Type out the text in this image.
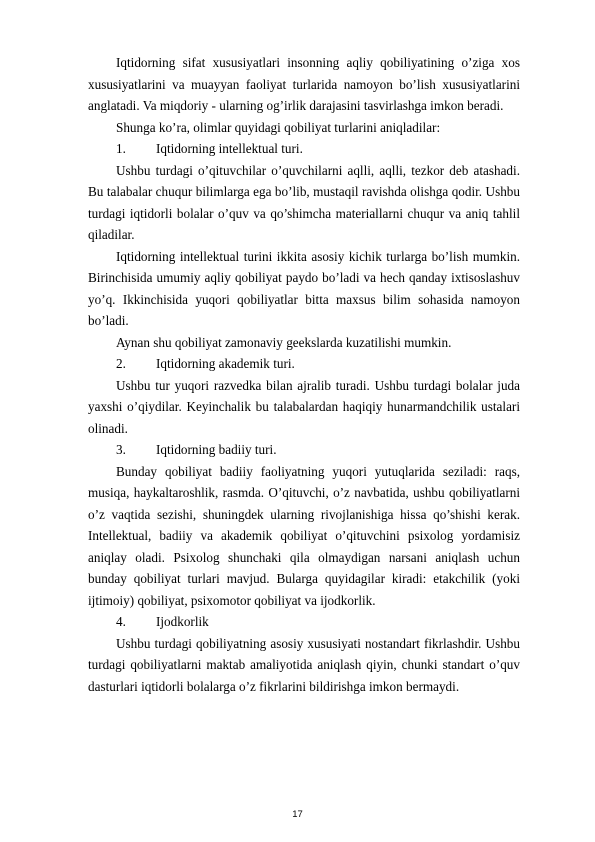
Iqtidorning sifat xususiyatlari insonning aqliy qobiliyatining o’ziga xos xususiyatlarini va muayyan faoliyat turlarida namoyon bo’lish xususiyatlarini anglatadi. Va miqdoriy - ularning og’irlik darajasini tasvirlashga imkon beradi.

Shunga ko’ra, olimlar quyidagi qobiliyat turlarini aniqladilar:

1.	Iqtidorning intellektual turi.

Ushbu turdagi o’qituvchilar o’quvchilarni aqlli, aqlli, tezkor deb atashadi. Bu talabalar chuqur bilimlarga ega bo’lib, mustaqil ravishda olishga qodir. Ushbu turdagi iqtidorli bolalar o’quv va qo’shimcha materiallarni chuqur va aniq tahlil qiladilar.

Iqtidorning intellektual turini ikkita asosiy kichik turlarga bo’lish mumkin. Birinchisida umumiy aqliy qobiliyat paydo bo’ladi va hech qanday ixtisoslashuv yo’q. Ikkinchisida yuqori qobiliyatlar bitta maxsus bilim sohasida namoyon bo’ladi.

Aynan shu qobiliyat zamonaviy geekslarda kuzatilishi mumkin.

2.	Iqtidorning akademik turi.

Ushbu tur yuqori razvedka bilan ajralib turadi. Ushbu turdagi bolalar juda yaxshi o’qiydilar. Keyinchalik bu talabalardan haqiqiy hunarmandchilik ustalari olinadi.

3.	Iqtidorning badiiy turi.

Bunday qobiliyat badiiy faoliyatning yuqori yutuqlarida seziladi: raqs, musiqa, haykaltaroshlik, rasmda. O’qituvchi, o’z navbatida, ushbu qobiliyatlarni o’z vaqtida sezishi, shuningdek ularning rivojlanishiga hissa qo’shishi kerak. Intellektual, badiiy va akademik qobiliyat o’qituvchini psixolog yordamisiz aniqlay oladi. Psixolog shunchaki qila olmaydigan narsani aniqlash uchun bunday qobiliyat turlari mavjud. Bularga quyidagilar kiradi: etakchilik (yoki ijtimoiy) qobiliyat, psixomotor qobiliyat va ijodkorlik.

4.	Ijodkorlik

Ushbu turdagi qobiliyatning asosiy xususiyati nostandart fikrlashdir. Ushbu turdagi qobiliyatlarni maktab amaliyotida aniqlash qiyin, chunki standart o’quv dasturlari iqtidorli bolalarga o’z fikrlarini bildirishga imkon bermaydi.

17
